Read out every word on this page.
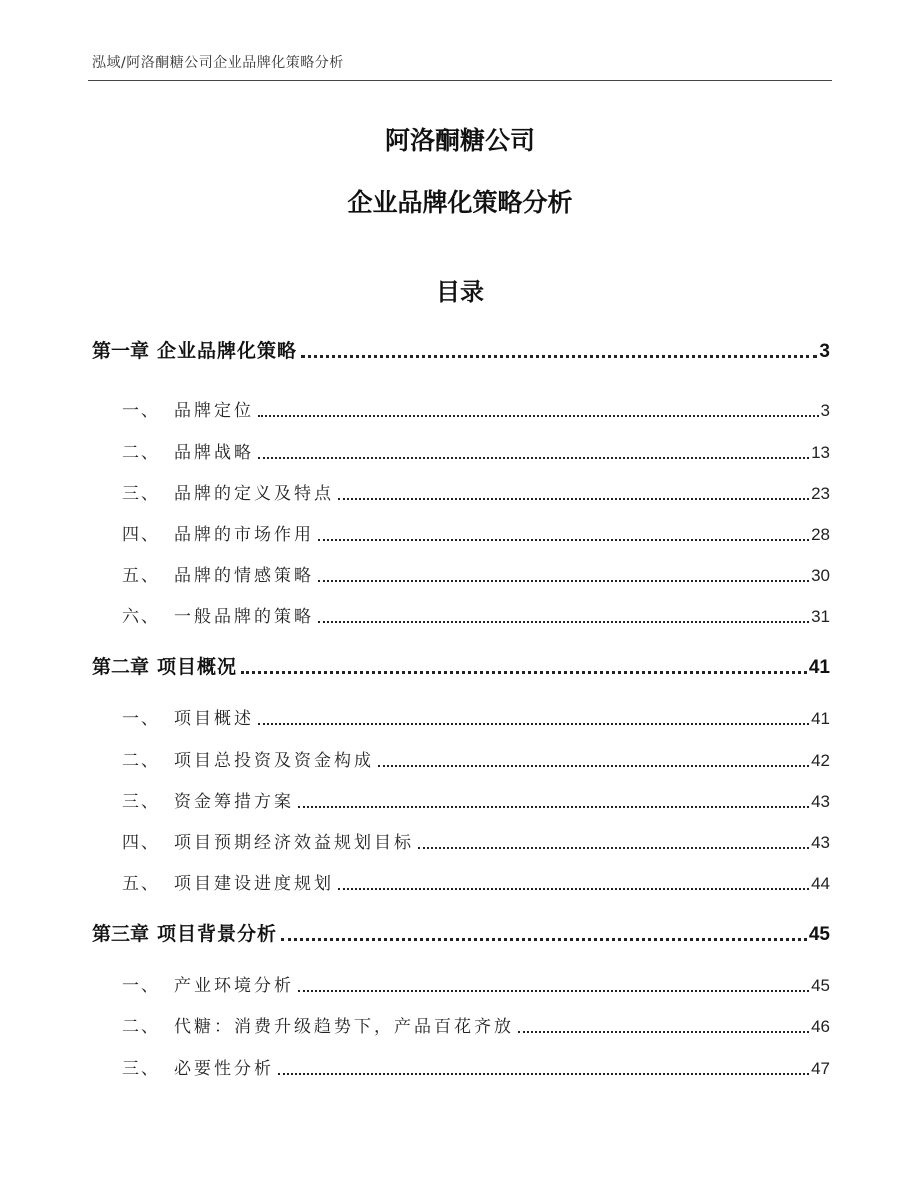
泓域/阿洛酮糖公司企业品牌化策略分析
阿洛酮糖公司
企业品牌化策略分析
目录
第一章 企业品牌化策略	3
一、 品牌定位	3
二、 品牌战略	13
三、 品牌的定义及特点	23
四、 品牌的市场作用	28
五、 品牌的情感策略	30
六、 一般品牌的策略	31
第二章 项目概况	41
一、 项目概述	41
二、 项目总投资及资金构成	42
三、 资金筹措方案	43
四、 项目预期经济效益规划目标	43
五、 项目建设进度规划	44
第三章 项目背景分析	45
一、 产业环境分析	45
二、 代糖：消费升级趋势下，产品百花齐放	46
三、 必要性分析	47
